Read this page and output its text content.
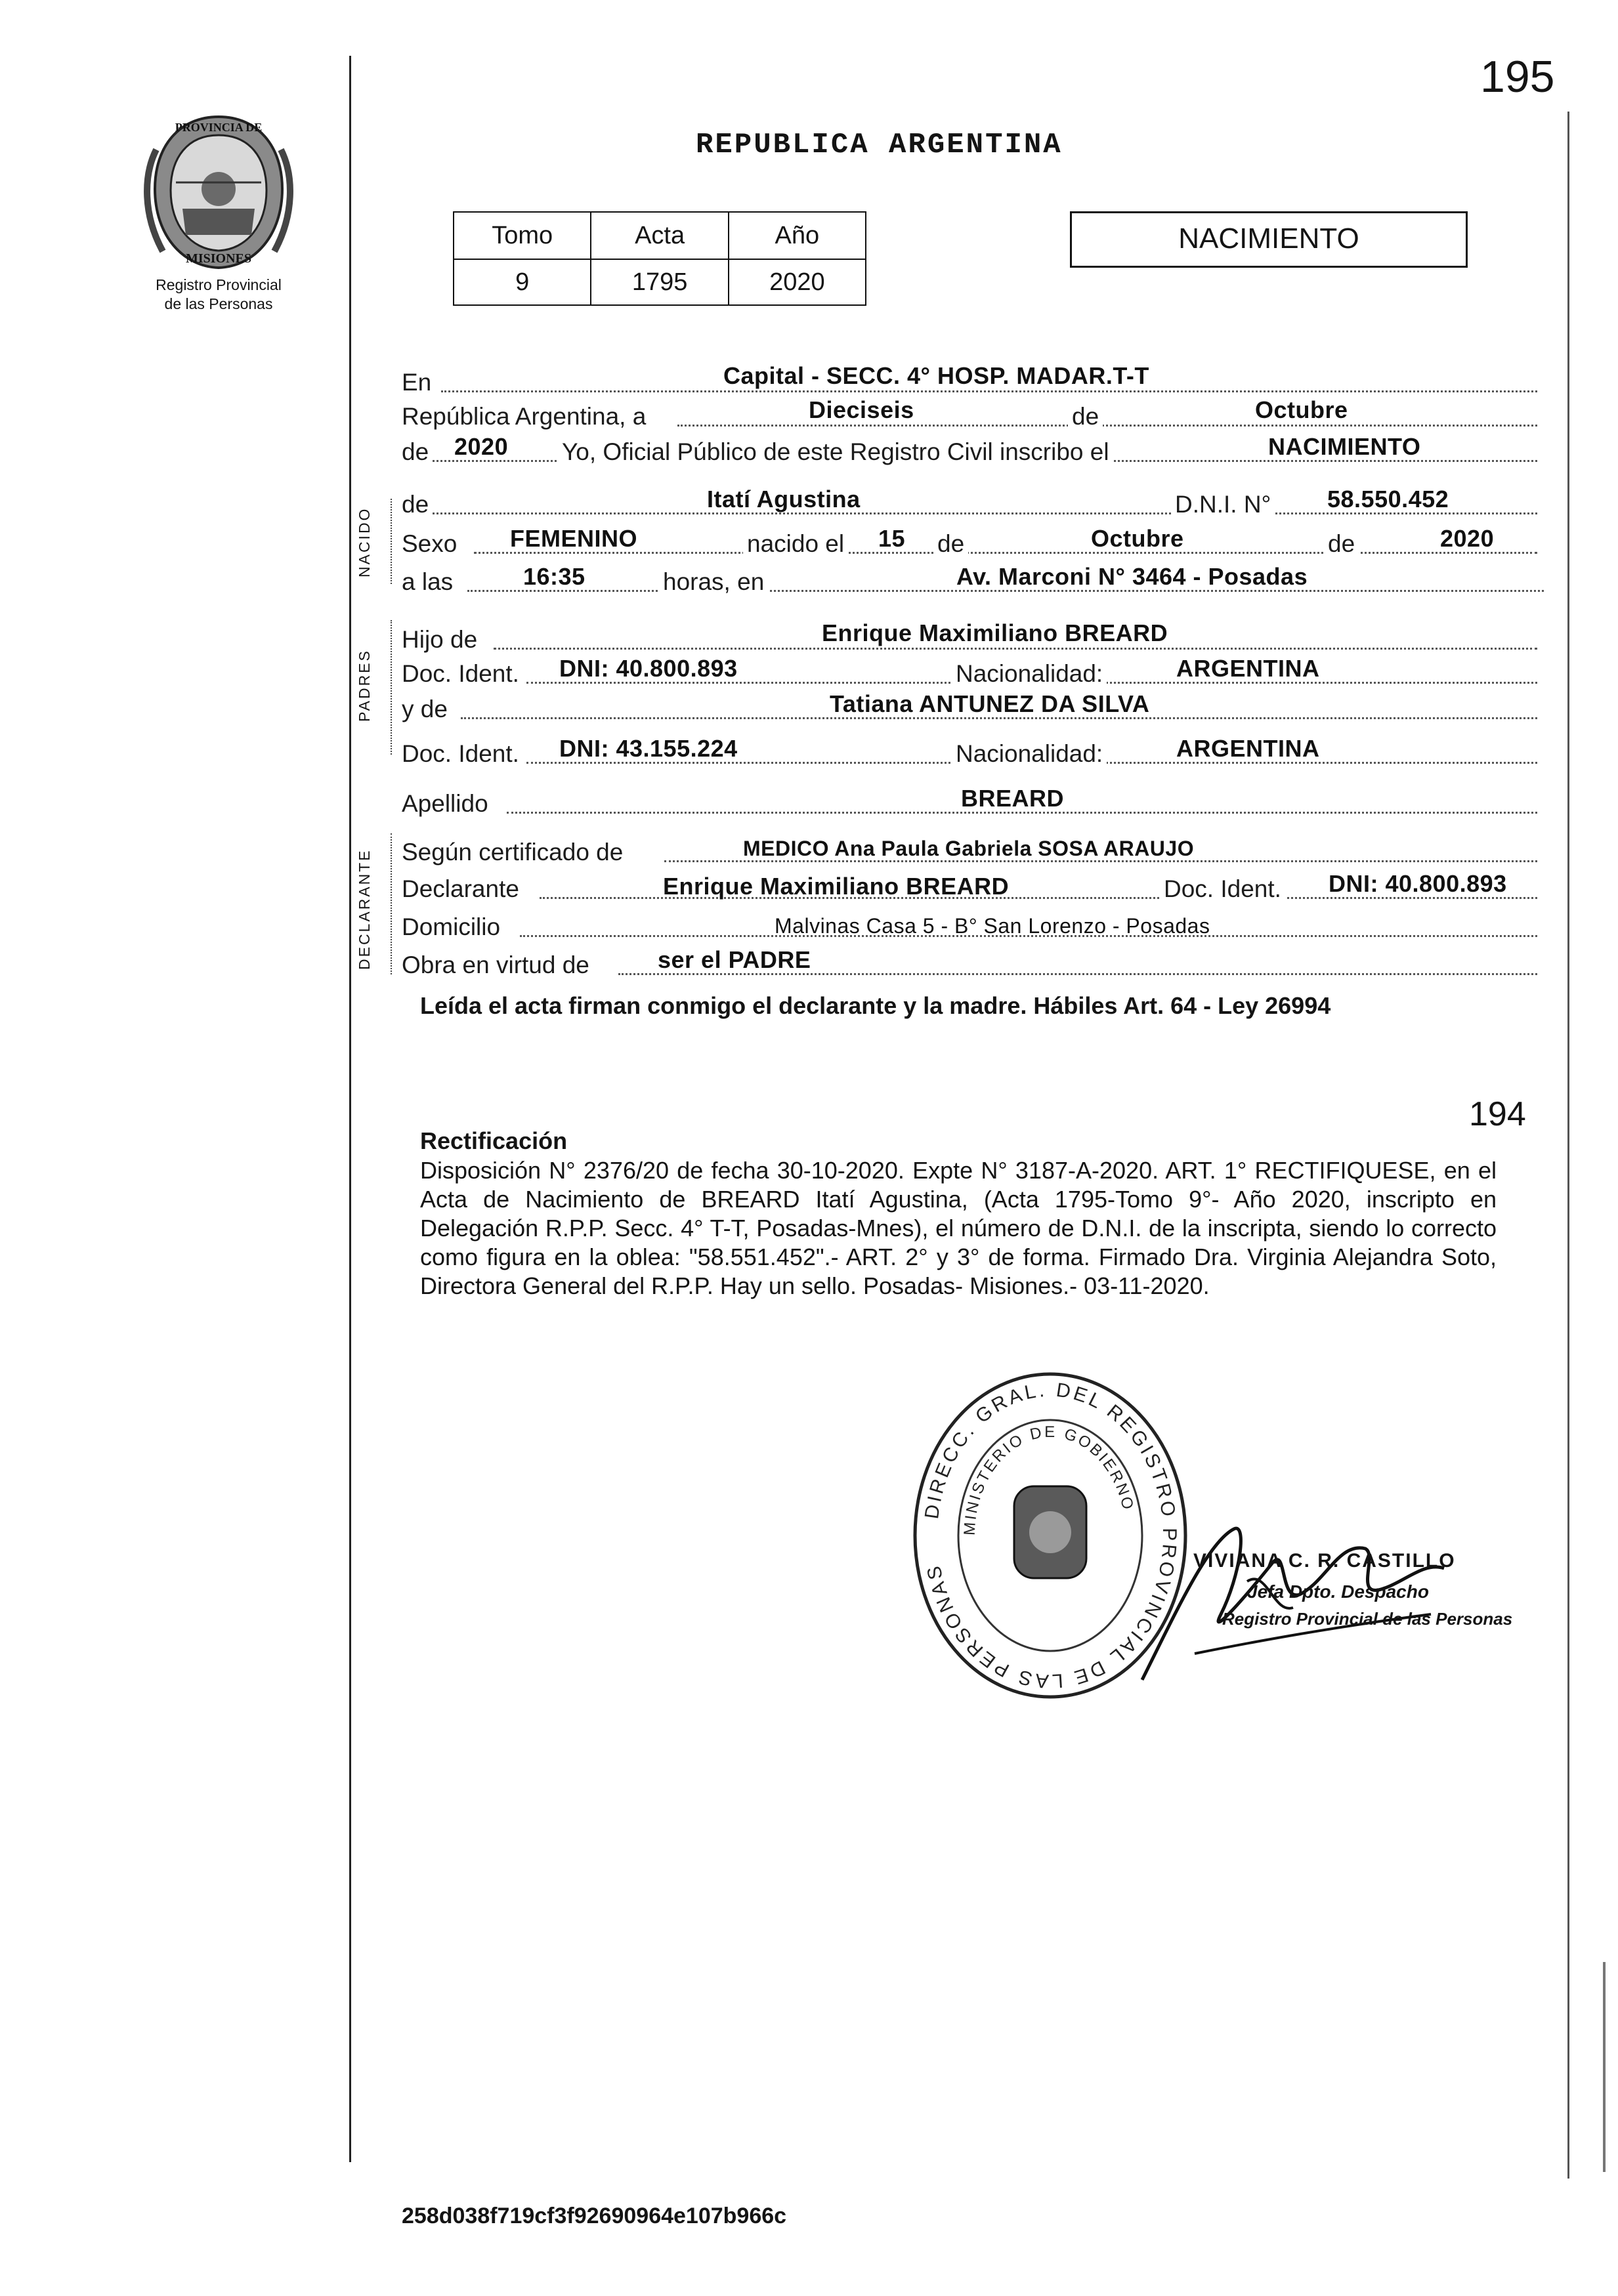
195
PROVINCIA DE
MISIONES
Registro Provincial
de las Personas
REPUBLICA ARGENTINA
Tomo	Acta	Año
9	1795	2020
NACIMIENTO
NACIDO
PADRES
DECLARANTE
En	Capital - SECC. 4° HOSP. MADAR.T-T
República Argentina, a	Dieciseis	de	Octubre
de 2020 Yo, Oficial Público de este Registro Civil inscribo el	NACIMIENTO
de	Itatí Agustina	D.N.I. N° 58.550.452
Sexo FEMENINO	nacido el 15 de	Octubre	de	2020
a las	16:35	horas, en	Av. Marconi N° 3464 - Posadas
Hijo de	Enrique Maximiliano BREARD
Doc. Ident. DNI: 40.800.893	Nacionalidad:	ARGENTINA
y de	Tatiana ANTUNEZ DA SILVA
Doc. Ident. DNI: 43.155.224	Nacionalidad:	ARGENTINA
Apellido	BREARD
Según certificado de	MEDICO Ana Paula Gabriela SOSA ARAUJO
Declarante	Enrique Maximiliano BREARD	Doc. Ident. DNI: 40.800.893
Domicilio	Malvinas Casa 5 - B° San Lorenzo - Posadas
Obra en virtud de	ser el PADRE
Leída el acta firman conmigo el declarante y la madre. Hábiles Art. 64 - Ley 26994
194
Rectificación
Disposición N° 2376/20 de fecha 30-10-2020. Expte N° 3187-A-2020. ART. 1° RECTIFIQUESE, en el Acta de Nacimiento de BREARD Itatí Agustina, (Acta 1795-Tomo 9°- Año 2020, inscripto en Delegación R.P.P. Secc. 4° T-T, Posadas-Mnes), el número de D.N.I. de la inscripta, siendo lo correcto como figura en la oblea: "58.551.452".- ART. 2° y 3° de forma. Firmado Dra. Virginia Alejandra Soto, Directora General del R.P.P. Hay un sello. Posadas- Misiones.- 03-11-2020.
DIRECC. GRAL. DEL REGISTRO PROVINCIAL DE LAS PERSONAS
MINISTERIO DE GOBIERNO
VIVIANA C. R. CASTILLO
Jefa Dpto. Despacho
Registro Provincial de las Personas
258d038f719cf3f92690964e107b966c
